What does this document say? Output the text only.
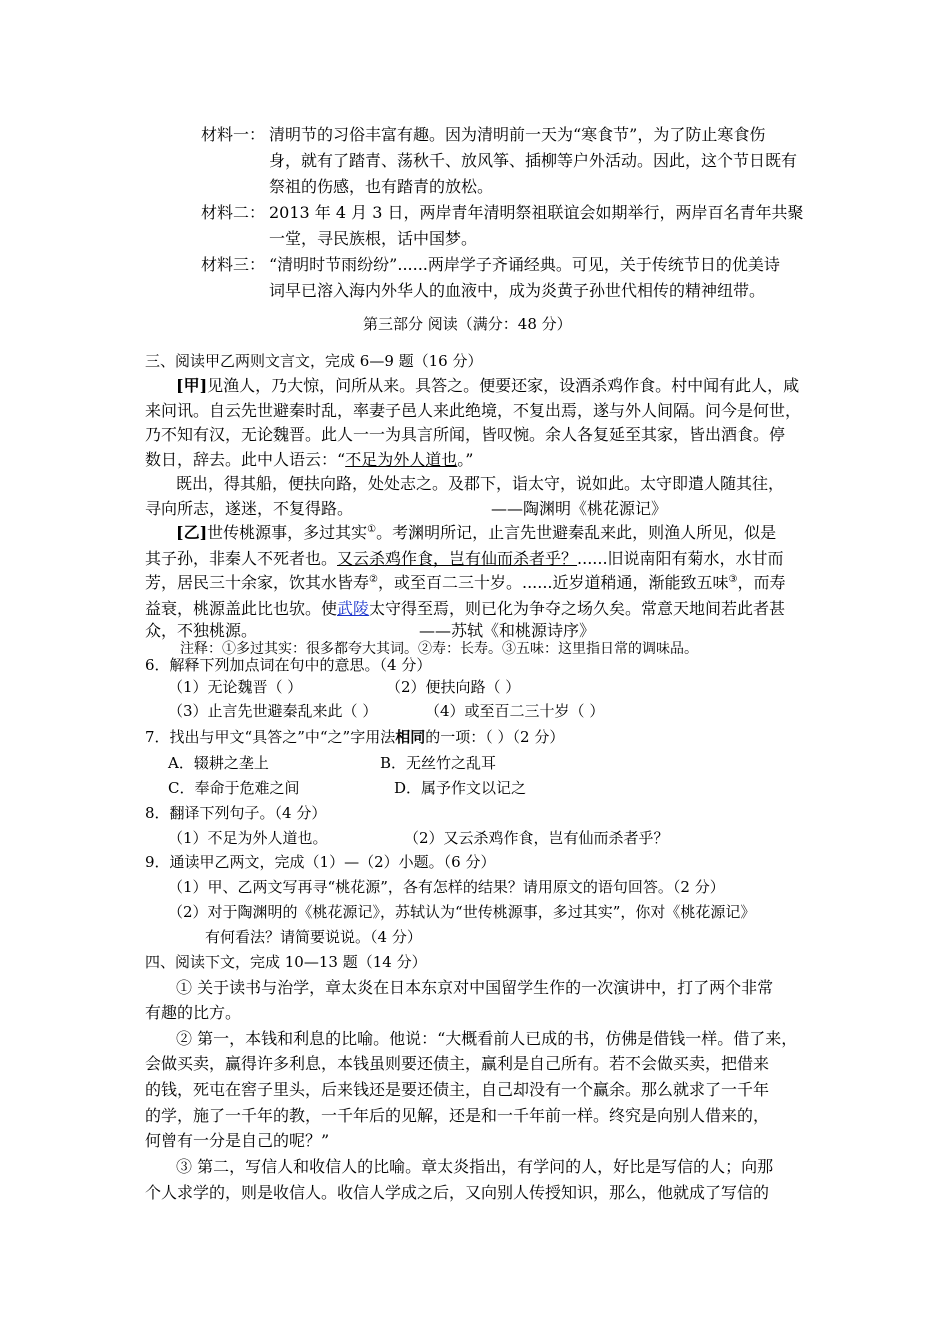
材料一： 清明节的习俗丰富有趣。因为清明前一天为“寒食节”，为了防止寒食伤
身，就有了踏青、荡秋千、放风筝、插柳等户外活动。因此，这个节日既有
祭祖的伤感，也有踏青的放松。
材料二： 2013 年 4 月 3 日，两岸青年清明祭祖联谊会如期举行，两岸百名青年共聚
一堂，寻民族根，话中国梦。
材料三： “清明时节雨纷纷”......两岸学子齐诵经典。可见，关于传统节日的优美诗
词早已溶入海内外华人的血液中，成为炎黄子孙世代相传的精神纽带。
第三部分 阅读（满分：48 分）
三、阅读甲乙两则文言文，完成 6—9 题（16 分）
[甲]见渔人，乃大惊，问所从来。具答之。便要还家，设酒杀鸡作食。村中闻有此人，咸
来问讯。自云先世避秦时乱，率妻子邑人来此绝境，不复出焉，遂与外人间隔。问今是何世，
乃不知有汉，无论魏晋。此人一一为具言所闻，皆叹惋。余人各复延至其家，皆出酒食。停
数日，辞去。此中人语云：“不足为外人道也。”
既出，得其船，便扶向路，处处志之。及郡下，诣太守，说如此。太守即遣人随其往，
寻向所志，遂迷，不复得路。	——陶渊明《桃花源记》
[乙]世传桃源事，多过其实①。考渊明所记，止言先世避秦乱来此，则渔人所见，似是
其子孙，非秦人不死者也。又云杀鸡作食，岂有仙而杀者乎？......旧说南阳有菊水，水甘而
芳，居民三十余家，饮其水皆寿②，或至百二三十岁。......近岁道稍通，渐能致五味③，而寿
益衰，桃源盖此比也欤。使武陵太守得至焉，则已化为争夺之场久矣。常意天地间若此者甚
众，不独桃源。	——苏轼《和桃源诗序》
注释：①多过其实：很多都夸大其词。②寿：长寿。③五味：这里指日常的调味品。
6．解释下列加点词在句中的意思。（4 分）
（1）无论魏晋（ ）	（2）便扶向路（ ）
（3）止言先世避秦乱来此（ ）	（4）或至百二三十岁（ ）
7．找出与甲文“具答之”中“之”字用法相同的一项：（ ）（2 分）
A．辍耕之垄上	B．无丝竹之乱耳
C．奉命于危难之间	D．属予作文以记之
8．翻译下列句子。（4 分）
（1）不足为外人道也。	（2）又云杀鸡作食，岂有仙而杀者乎？
9．通读甲乙两文，完成（1）—（2）小题。（6 分）
（1）甲、乙两文写再寻“桃花源”，各有怎样的结果？请用原文的语句回答。（2 分）
（2）对于陶渊明的《桃花源记》，苏轼认为“世传桃源事，多过其实”，你对《桃花源记》
有何看法？请简要说说。（4 分）
四、阅读下文，完成 10—13 题（14 分）
① 关于读书与治学，章太炎在日本东京对中国留学生作的一次演讲中，打了两个非常
有趣的比方。
② 第一，本钱和利息的比喻。他说：“大概看前人已成的书，仿佛是借钱一样。借了来，
会做买卖，赢得许多利息，本钱虽则要还债主，赢利是自己所有。若不会做买卖，把借来
的钱，死屯在窖子里头，后来钱还是要还债主，自己却没有一个赢余。那么就求了一千年
的学，施了一千年的教，一千年后的见解，还是和一千年前一样。终究是向别人借来的，
何曾有一分是自己的呢？”
③ 第二，写信人和收信人的比喻。章太炎指出，有学问的人，好比是写信的人；向那
个人求学的，则是收信人。收信人学成之后，又向别人传授知识，那么，他就成了写信的
